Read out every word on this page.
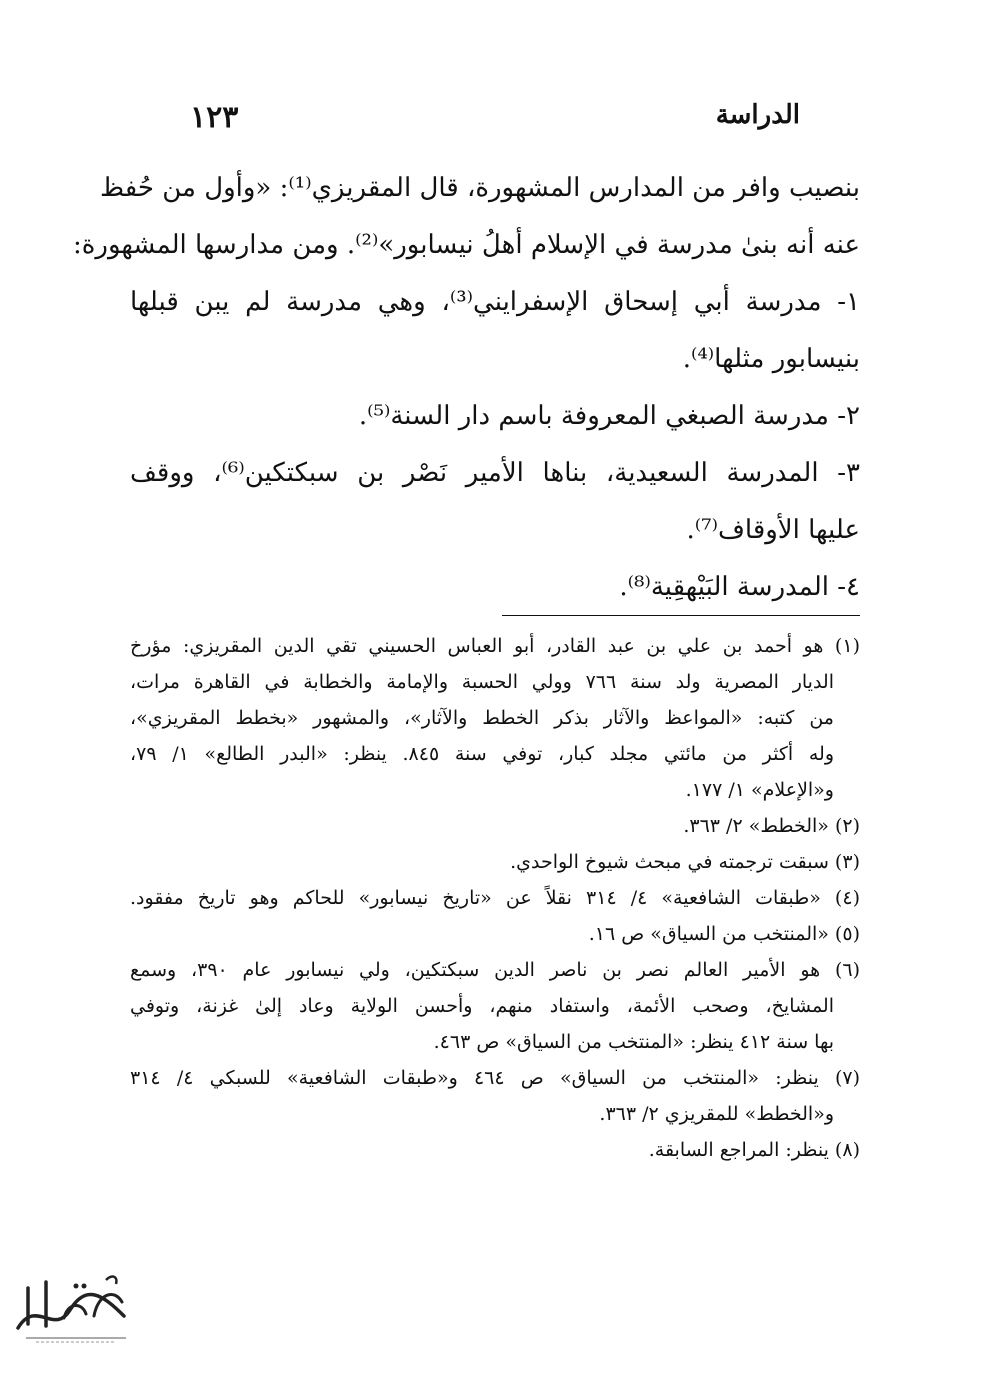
الدراسة
١٢٣
بنصيب وافر من المدارس المشهورة، قال المقريزي⁽¹⁾: «وأول من حُفظ
عنه أنه بنىٰ مدرسة في الإسلام أهلُ نيسابور»⁽²⁾. ومن مدارسها المشهورة:
١- مدرسة أبي إسحاق الإسفرايني⁽³⁾، وهي مدرسة لم يبن قبلها
بنيسابور مثلها⁽⁴⁾.
٢- مدرسة الصبغي المعروفة باسم دار السنة⁽⁵⁾.
٣- المدرسة السعيدية، بناها الأمير نَصْر بن سبكتكين⁽⁶⁾، ووقف
عليها الأوقاف⁽⁷⁾.
٤- المدرسة البَيْهقِية⁽⁸⁾.
(١) هو أحمد بن علي بن عبد القادر، أبو العباس الحسيني تقي الدين المقريزي: مؤرخ
الديار المصرية ولد سنة ٧٦٦ وولي الحسبة والإمامة والخطابة في القاهرة مرات،
من كتبه: «المواعظ والآثار بذكر الخطط والآثار»، والمشهور «بخطط المقريزي»،
وله أكثر من مائتي مجلد كبار، توفي سنة ٨٤٥. ينظر: «البدر الطالع» ١/ ٧٩،
و«الإعلام» ١/ ١٧٧.
(٢) «الخطط» ٢/ ٣٦٣.
(٣) سبقت ترجمته في مبحث شيوخ الواحدي.
(٤) «طبقات الشافعية» ٤/ ٣١٤ نقلاً عن «تاريخ نيسابور» للحاكم وهو تاريخ مفقود.
(٥) «المنتخب من السياق» ص ١٦.
(٦) هو الأمير العالم نصر بن ناصر الدين سبكتكين، ولي نيسابور عام ٣٩٠، وسمع
المشايخ، وصحب الأئمة، واستفاد منهم، وأحسن الولاية وعاد إلىٰ غزنة، وتوفي
بها سنة ٤١٢ ينظر: «المنتخب من السياق» ص ٤٦٣.
(٧) ينظر: «المنتخب من السياق» ص ٤٦٤ و«طبقات الشافعية» للسبكي ٤/ ٣١٤
و«الخطط» للمقريزي ٢/ ٣٦٣.
(٨) ينظر: المراجع السابقة.
